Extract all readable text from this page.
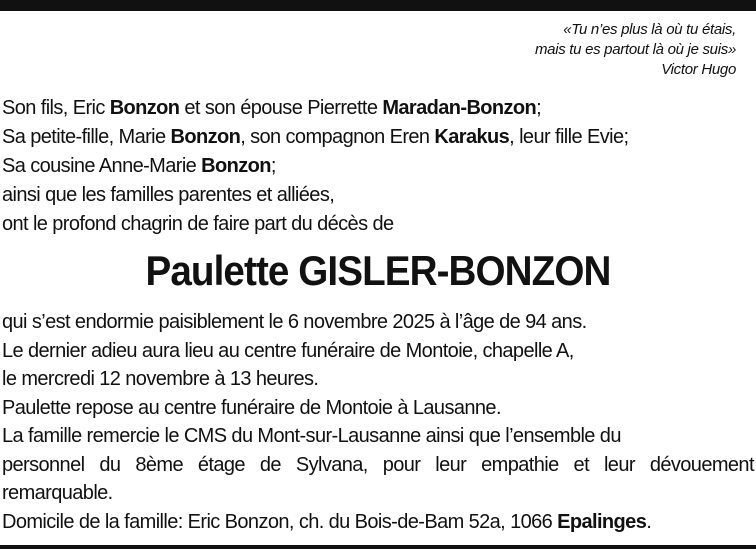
«Tu n’es plus là où tu étais,
mais tu es partout là où je suis»
Victor Hugo
Son fils, Eric Bonzon et son épouse Pierrette Maradan-Bonzon;
Sa petite-fille, Marie Bonzon, son compagnon Eren Karakus, leur fille Evie;
Sa cousine Anne-Marie Bonzon;
ainsi que les familles parentes et alliées,
ont le profond chagrin de faire part du décès de
Paulette GISLER-BONZON
qui s’est endormie paisiblement le 6 novembre 2025 à l’âge de 94 ans.
Le dernier adieu aura lieu au centre funéraire de Montoie, chapelle A,
le mercredi 12 novembre à 13 heures.
Paulette repose au centre funéraire de Montoie à Lausanne.
La famille remercie le CMS du Mont-sur-Lausanne ainsi que l’ensemble du
personnel du 8ème étage de Sylvana, pour leur empathie et leur dévouement
remarquable.
Domicile de la famille: Eric Bonzon, ch. du Bois-de-Bam 52a, 1066 Epalinges.
